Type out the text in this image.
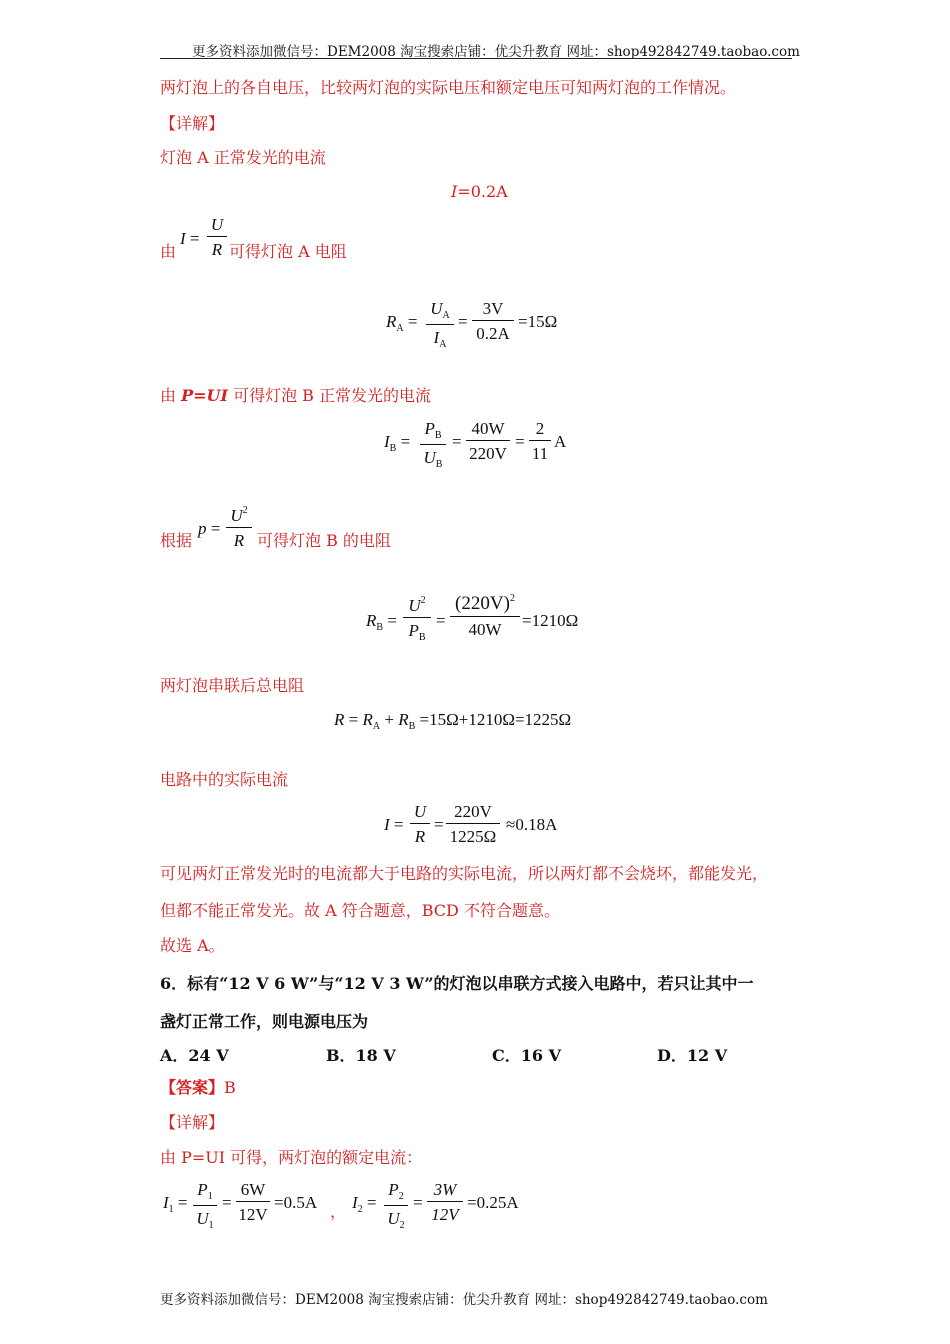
更多资料添加微信号：DEM2008 淘宝搜索店铺：优尖升教育 网址：shop492842749.taobao.com
两灯泡上的各自电压，比较两灯泡的实际电压和额定电压可知两灯泡的工作情况。
【详解】
灯泡 A 正常发光的电流
I=0.2A
由
I =
U
R 可得灯泡 A 电阻
$R_A$ =
$U_A$
$I_A$
=
3V
0.2A
=15Ω
由 P=UI 可得灯泡 B 正常发光的电流
$I_B$ =
$P_B$
$U_B$
=
40W
220V
=
2
11
A
根据
p =
$U^2$
R 可得灯泡 B 的电阻
$R_B$ =
$U^2$
$P_B$
=
$(220V)^2$
40W	=1210Ω
两灯泡串联后总电阻
$R = R_A + R_B =15\Omega+1210\Omega=1225\Omega$
电路中的实际电流
I =
U
R
=
220V
1225Ω
≈0.18A
可见两灯正常发光时的电流都大于电路的实际电流，所以两灯都不会烧坏，都能发光，
但都不能正常发光。故 A 符合题意，BCD 不符合题意。
故选 A。
6．标有“12 V 6 W”与“12 V 3 W”的灯泡以串联方式接入电路中，若只让其中一
盏灯正常工作，则电源电压为
A．24 V	B．18 V	C．16 V	D．12 V
【答案】B
【详解】
由 P=UI 可得，两灯泡的额定电流：
$I_1$ =
$P_1$
$U_1$
=
6W
12V
=0.5A ， $I_2$ =
$P_2$
$U_2$
=
3W
12V
=0.25A
更多资料添加微信号：DEM2008 淘宝搜索店铺：优尖升教育 网址：shop492842749.taobao.com
